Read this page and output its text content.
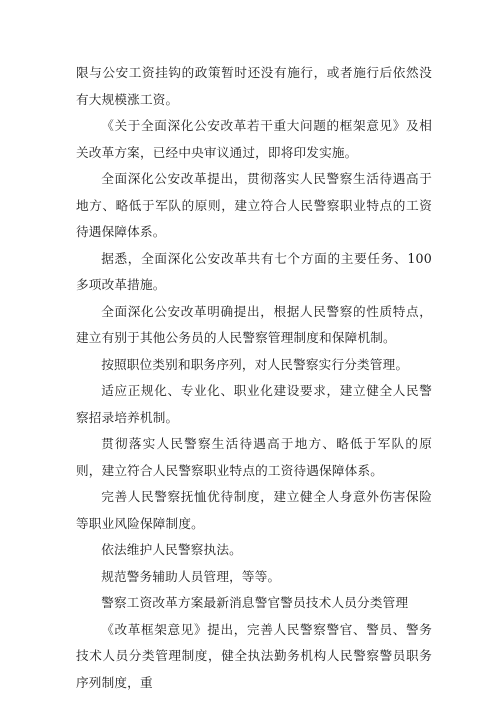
限与公安工资挂钩的政策暂时还没有施行，或者施行后依然没有大规模涨工资。

《关于全面深化公安改革若干重大问题的框架意见》及相关改革方案，已经中央审议通过，即将印发实施。

全面深化公安改革提出，贯彻落实人民警察生活待遇高于地方、略低于军队的原则，建立符合人民警察职业特点的工资待遇保障体系。

据悉，全面深化公安改革共有七个方面的主要任务、100多项改革措施。

全面深化公安改革明确提出，根据人民警察的性质特点，建立有别于其他公务员的人民警察管理制度和保障机制。

按照职位类别和职务序列，对人民警察实行分类管理。

适应正规化、专业化、职业化建设要求，建立健全人民警察招录培养机制。

贯彻落实人民警察生活待遇高于地方、略低于军队的原则，建立符合人民警察职业特点的工资待遇保障体系。

完善人民警察抚恤优待制度，建立健全人身意外伤害保险等职业风险保障制度。

依法维护人民警察执法。

规范警务辅助人员管理，等等。

警察工资改革方案最新消息警官警员技术人员分类管理

《改革框架意见》提出，完善人民警察警官、警员、警务技术人员分类管理制度，健全执法勤务机构人民警察警员职务序列制度，重
